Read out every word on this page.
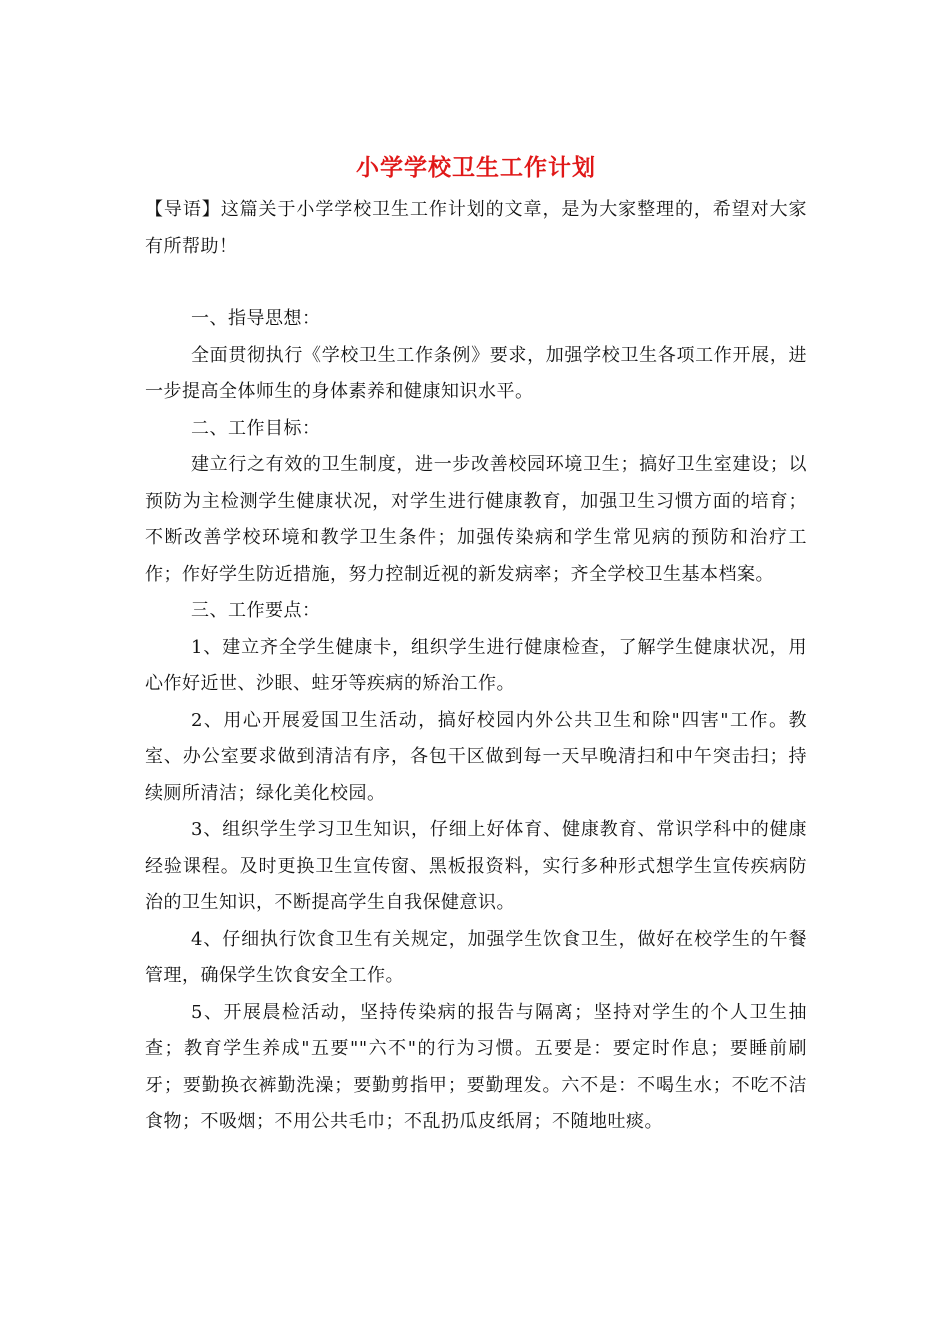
小学学校卫生工作计划

【导语】这篇关于小学学校卫生工作计划的文章，是为大家整理的，希望对大家有所帮助！

一、指导思想：

全面贯彻执行《学校卫生工作条例》要求，加强学校卫生各项工作开展，进一步提高全体师生的身体素养和健康知识水平。

二、工作目标：

建立行之有效的卫生制度，进一步改善校园环境卫生；搞好卫生室建设；以预防为主检测学生健康状况，对学生进行健康教育，加强卫生习惯方面的培育；不断改善学校环境和教学卫生条件；加强传染病和学生常见病的预防和治疗工作；作好学生防近措施，努力控制近视的新发病率；齐全学校卫生基本档案。

三、工作要点：

1、建立齐全学生健康卡，组织学生进行健康检查，了解学生健康状况，用心作好近世、沙眼、蛀牙等疾病的矫治工作。

2、用心开展爱国卫生活动，搞好校园内外公共卫生和除"四害"工作。教室、办公室要求做到清洁有序，各包干区做到每一天早晚清扫和中午突击扫；持续厕所清洁；绿化美化校园。

3、组织学生学习卫生知识，仔细上好体育、健康教育、常识学科中的健康经验课程。及时更换卫生宣传窗、黑板报资料，实行多种形式想学生宣传疾病防治的卫生知识，不断提高学生自我保健意识。

4、仔细执行饮食卫生有关规定，加强学生饮食卫生，做好在校学生的午餐管理，确保学生饮食安全工作。

5、开展晨检活动，坚持传染病的报告与隔离；坚持对学生的个人卫生抽查；教育学生养成"五要""六不"的行为习惯。五要是：要定时作息；要睡前刷牙；要勤换衣裤勤洗澡；要勤剪指甲；要勤理发。六不是：不喝生水；不吃不洁食物；不吸烟；不用公共毛巾；不乱扔瓜皮纸屑；不随地吐痰。
